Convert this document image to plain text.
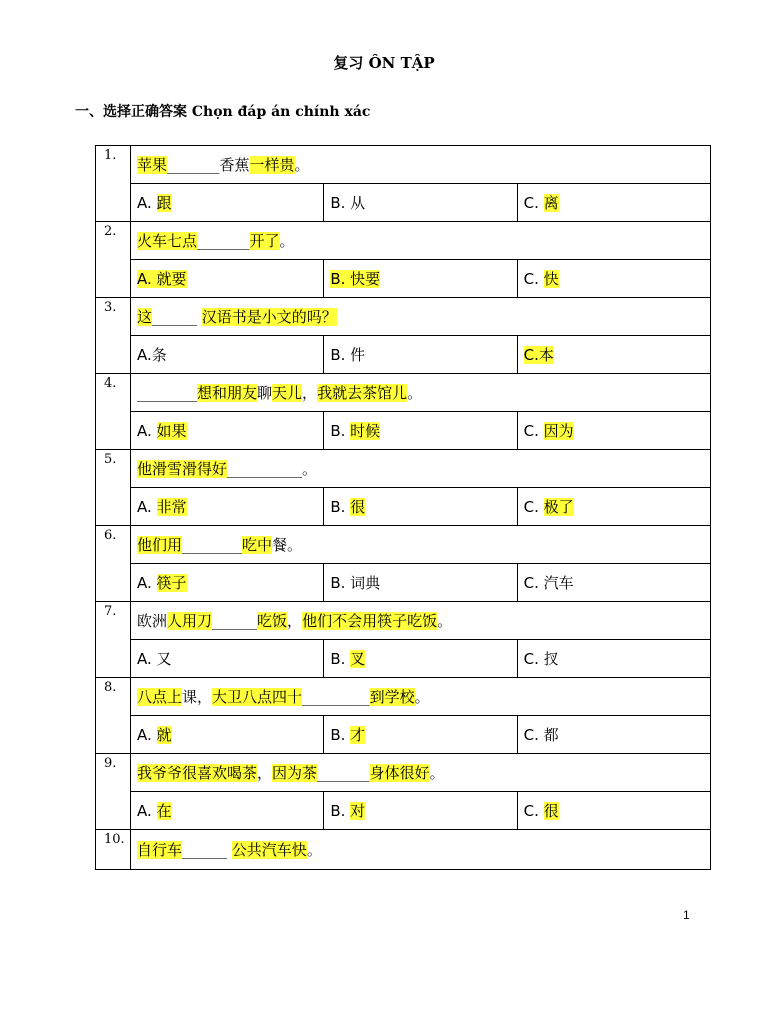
复习 ÔN TẬP
一、选择正确答案 Chọn đáp án chính xác
1.	苹果_______香蕉一样贵。		
	A. 跟	B. 从	C. 离
2.	火车七点_______开了。		
	A. 就要	B. 快要	C. 快
3.	这______ 汉语书是小文的吗？		
	A.条	B. 件	C.本
4.	________想和朋友聊天儿，我就去茶馆儿。		
	A. 如果	B. 时候	C. 因为
5.	他滑雪滑得好__________。		
	A. 非常	B. 很	C. 极了
6.	他们用________吃中餐。		
	A. 筷子	B. 词典	C. 汽车
7.	欧洲人用刀______吃饭，他们不会用筷子吃饭。		
	A. 又	B. 叉	C. 扠
8.	八点上课，大卫八点四十_________到学校。		
	A. 就	B. 才	C. 都
9.	我爷爷很喜欢喝茶，因为茶_______身体很好。		
	A. 在	B. 对	C. 很
10.	自行车______ 公共汽车快。		
1
